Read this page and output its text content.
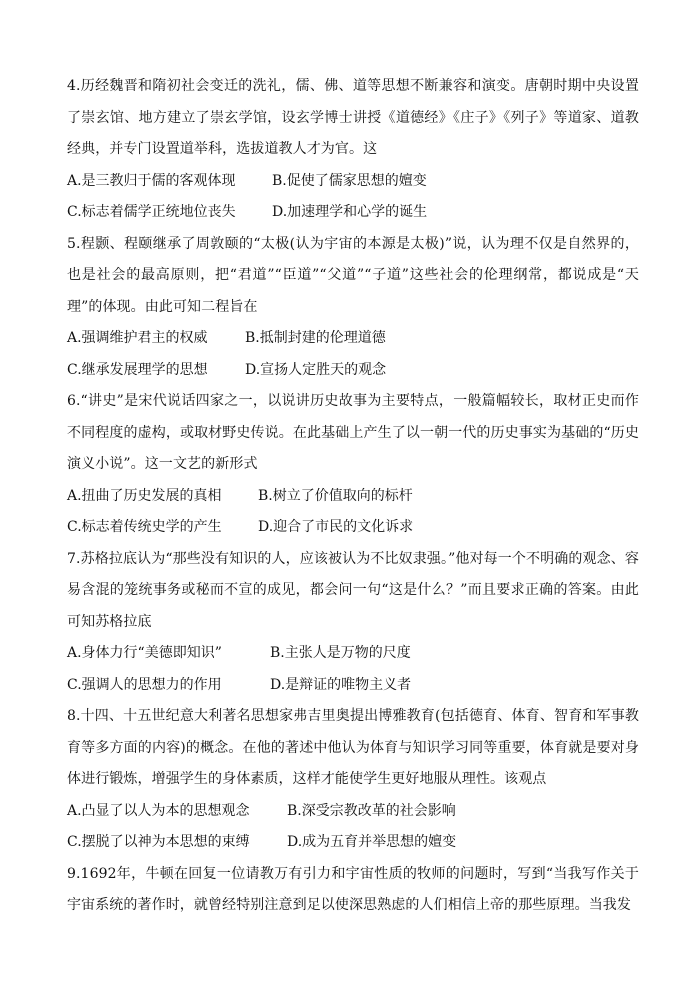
4.历经魏晋和隋初社会变迁的洗礼，儒、佛、道等思想不断兼容和演变。唐朝时期中央设置了崇玄馆、地方建立了崇玄学馆，设玄学博士讲授《道德经》《庄子》《列子》等道家、道教经典，并专门设置道举科，选拔道教人才为官。这

A.是三教归于儒的客观体现	B.促使了儒家思想的嬗变
C.标志着儒学正统地位丧失	D.加速理学和心学的诞生

5.程颢、程颐继承了周敦颐的“太极(认为宇宙的本源是太极)”说，认为理不仅是自然界的，也是社会的最高原则，把“君道”“臣道”“父道”“子道”这些社会的伦理纲常，都说成是“天理”的体现。由此可知二程旨在

A.强调维护君主的权威	B.抵制封建的伦理道德
C.继承发展理学的思想	D.宣扬人定胜天的观念

6.“讲史”是宋代说话四家之一，以说讲历史故事为主要特点，一般篇幅较长，取材正史而作不同程度的虚构，或取材野史传说。在此基础上产生了以一朝一代的历史事实为基础的“历史演义小说”。这一文艺的新形式

A.扭曲了历史发展的真相	B.树立了价值取向的标杆
C.标志着传统史学的产生	D.迎合了市民的文化诉求

7.苏格拉底认为“那些没有知识的人，应该被认为不比奴隶强。”他对每一个不明确的观念、容易含混的笼统事务或秘而不宣的成见，都会问一句“这是什么？”而且要求正确的答案。由此可知苏格拉底

A.身体力行“美德即知识”	B.主张人是万物的尺度
C.强调人的思想力的作用	D.是辩证的唯物主义者

8.十四、十五世纪意大利著名思想家弗吉里奥提出博雅教育(包括德育、体育、智育和军事教育等多方面的内容)的概念。在他的著述中他认为体育与知识学习同等重要，体育就是要对身体进行锻炼，增强学生的身体素质，这样才能使学生更好地服从理性。该观点

A.凸显了以人为本的思想观念	B.深受宗教改革的社会影响
C.摆脱了以神为本思想的束缚	D.成为五育并举思想的嬗变

9.1692年，牛顿在回复一位请教万有引力和宇宙性质的牧师的问题时，写到“当我写作关于宇宙系统的著作时，就曾经特别注意到足以使深思熟虑的人们相信上帝的那些原理。当我发
